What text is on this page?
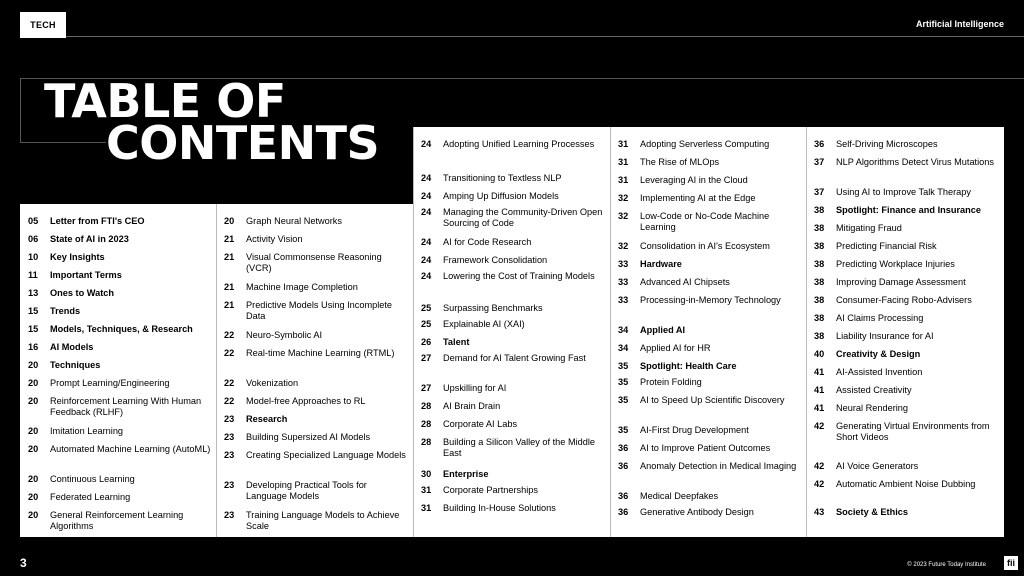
TECH	Artificial Intelligence
TABLE OF
CONTENTS
05	Letter from FTI's CEO
06	State of AI in 2023
10	Key Insights
11	Important Terms
13	Ones to Watch
15	Trends
15	Models, Techniques, & Research
16	AI Models
20	Techniques
20	Prompt Learning/Engineering
20	Reinforcement Learning With Human Feedback (RLHF)
20	Imitation Learning
20	Automated Machine Learning (AutoML)
20	Continuous Learning
20	Federated Learning
20	General Reinforcement Learning Algorithms
20	Graph Neural Networks
21	Activity Vision
21	Visual Commonsense Reasoning (VCR)
21	Machine Image Completion
21	Predictive Models Using Incomplete Data
22	Neuro-Symbolic AI
22	Real-time Machine Learning (RTML)
22	Vokenization
22	Model-free Approaches to RL
23	Research
23	Building Supersized AI Models
23	Creating Specialized Language Models
23	Developing Practical Tools for Language Models
23	Training Language Models to Achieve Scale
24	Adopting Unified Learning Processes
24	Transitioning to Textless NLP
24	Amping Up Diffusion Models
24	Managing the Community-Driven Open Sourcing of Code
24	AI for Code Research
24	Framework Consolidation
24	Lowering the Cost of Training Models
25	Surpassing Benchmarks
25	Explainable AI (XAI)
26	Talent
27	Demand for AI Talent Growing Fast
27	Upskilling for AI
28	AI Brain Drain
28	Corporate AI Labs
28	Building a Silicon Valley of the Middle East
30	Enterprise
31	Corporate Partnerships
31	Building In-House Solutions
31	Adopting Serverless Computing
31	The Rise of MLOps
31	Leveraging AI in the Cloud
32	Implementing AI at the Edge
32	Low-Code or No-Code Machine Learning
32	Consolidation in AI's Ecosystem
33	Hardware
33	Advanced AI Chipsets
33	Processing-in-Memory Technology
34	Applied AI
34	Applied AI for HR
35	Spotlight: Health Care
35	Protein Folding
35	AI to Speed Up Scientific Discovery
35	AI-First Drug Development
36	AI to Improve Patient Outcomes
36	Anomaly Detection in Medical Imaging
36	Medical Deepfakes
36	Generative Antibody Design
36	Self-Driving Microscopes
37	NLP Algorithms Detect Virus Mutations
37	Using AI to Improve Talk Therapy
38	Spotlight: Finance and Insurance
38	Mitigating Fraud
38	Predicting Financial Risk
38	Predicting Workplace Injuries
38	Improving Damage Assessment
38	Consumer-Facing Robo-Advisers
38	AI Claims Processing
38	Liability Insurance for AI
40	Creativity & Design
41	AI-Assisted Invention
41	Assisted Creativity
41	Neural Rendering
42	Generating Virtual Environments from Short Videos
42	AI Voice Generators
42	Automatic Ambient Noise Dubbing
43	Society & Ethics
3	© 2023 Future Today Institute fii
